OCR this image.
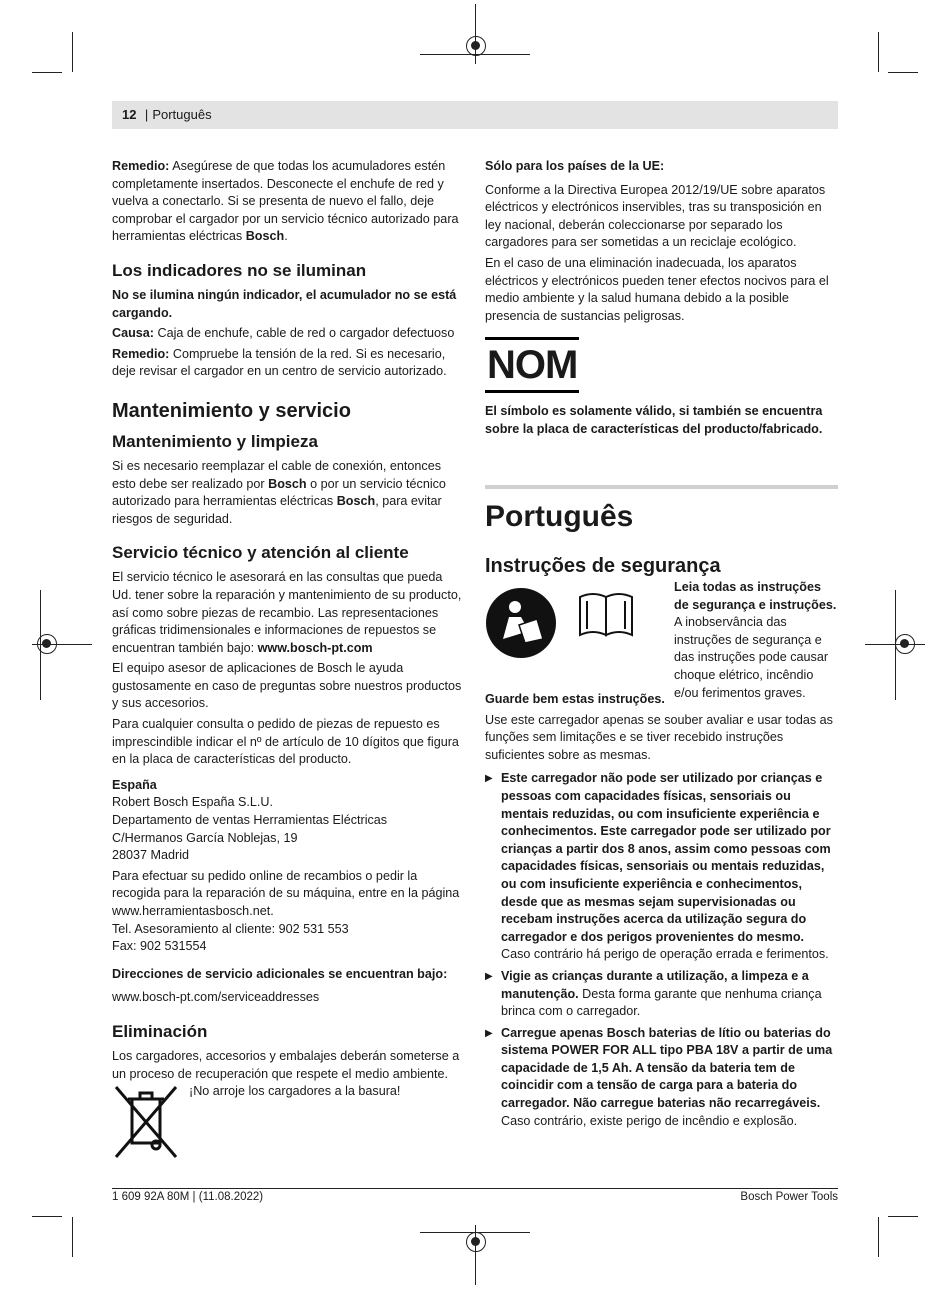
12 | Português

Remedio: Asegúrese de que todas los acumuladores estén completamente insertados. Desconecte el enchufe de red y vuelva a conectarlo. Si se presenta de nuevo el fallo, deje comprobar el cargador por un servicio técnico autorizado para herramientas eléctricas Bosch.

Los indicadores no se iluminan

No se ilumina ningún indicador, el acumulador no se está cargando.

Causa: Caja de enchufe, cable de red o cargador defectuoso

Remedio: Compruebe la tensión de la red. Si es necesario, deje revisar el cargador en un centro de servicio autorizado.

Mantenimiento y servicio
Mantenimiento y limpieza

Si es necesario reemplazar el cable de conexión, entonces esto debe ser realizado por Bosch o por un servicio técnico autorizado para herramientas eléctricas Bosch, para evitar riesgos de seguridad.

Servicio técnico y atención al cliente

El servicio técnico le asesorará en las consultas que pueda Ud. tener sobre la reparación y mantenimiento de su producto, así como sobre piezas de recambio. Las representaciones gráficas tridimensionales e informaciones de repuestos se encuentran también bajo: www.bosch-pt.com

El equipo asesor de aplicaciones de Bosch le ayuda gustosamente en caso de preguntas sobre nuestros productos y sus accesorios.

Para cualquier consulta o pedido de piezas de repuesto es imprescindible indicar el nº de artículo de 10 dígitos que figura en la placa de características del producto.

España

Robert Bosch España S.L.U.

Departamento de ventas Herramientas Eléctricas

C/Hermanos García Noblejas, 19

28037 Madrid

Para efectuar su pedido online de recambios o pedir la recogida para la reparación de su máquina, entre en la página www.herramientasbosch.net.

Tel. Asesoramiento al cliente: 902 531 553

Fax: 902 531554

Direcciones de servicio adicionales se encuentran bajo:

www.bosch-pt.com/serviceaddresses

Eliminación

Los cargadores, accesorios y embalajes deberán someterse a un proceso de recuperación que respete el medio ambiente.

¡No arroje los cargadores a la basura!

Sólo para los países de la UE:

Conforme a la Directiva Europea 2012/19/UE sobre aparatos eléctricos y electrónicos inservibles, tras su transposición en ley nacional, deberán coleccionarse por separado los cargadores para ser sometidas a un reciclaje ecológico.

En el caso de una eliminación inadecuada, los aparatos eléctricos y electrónicos pueden tener efectos nocivos para el medio ambiente y la salud humana debido a la posible presencia de sustancias peligrosas.

NOM

El símbolo es solamente válido, si también se encuentra sobre la placa de características del producto/fabricado.

Português

Instruções de segurança

Leia todas as instruções de segurança e instruções. A inobservância das instruções de segurança e das instruções pode causar choque elétrico, incêndio e/ou ferimentos graves.

Guarde bem estas instruções.

Use este carregador apenas se souber avaliar e usar todas as funções sem limitações e se tiver recebido instruções suficientes sobre as mesmas.

▶ Este carregador não pode ser utilizado por crianças e pessoas com capacidades físicas, sensoriais ou mentais reduzidas, ou com insuficiente experiência e conhecimentos. Este carregador pode ser utilizado por crianças a partir dos 8 anos, assim como pessoas com capacidades físicas, sensoriais ou mentais reduzidas, ou com insuficiente experiência e conhecimentos, desde que as mesmas sejam supervisionadas ou recebam instruções acerca da utilização segura do carregador e dos perigos provenientes do mesmo. Caso contrário há perigo de operação errada e ferimentos.
▶ Vigie as crianças durante a utilização, a limpeza e a manutenção. Desta forma garante que nenhuma criança brinca com o carregador.
▶ Carregue apenas Bosch baterias de lítio ou baterias do sistema POWER FOR ALL tipo PBA 18V a partir de uma capacidade de 1,5 Ah. A tensão da bateria tem de coincidir com a tensão de carga para a bateria do carregador. Não carregue baterias não recarregáveis. Caso contrário, existe perigo de incêndio e explosão.
1 609 92A 80M | (11.08.2022)	Bosch Power Tools
